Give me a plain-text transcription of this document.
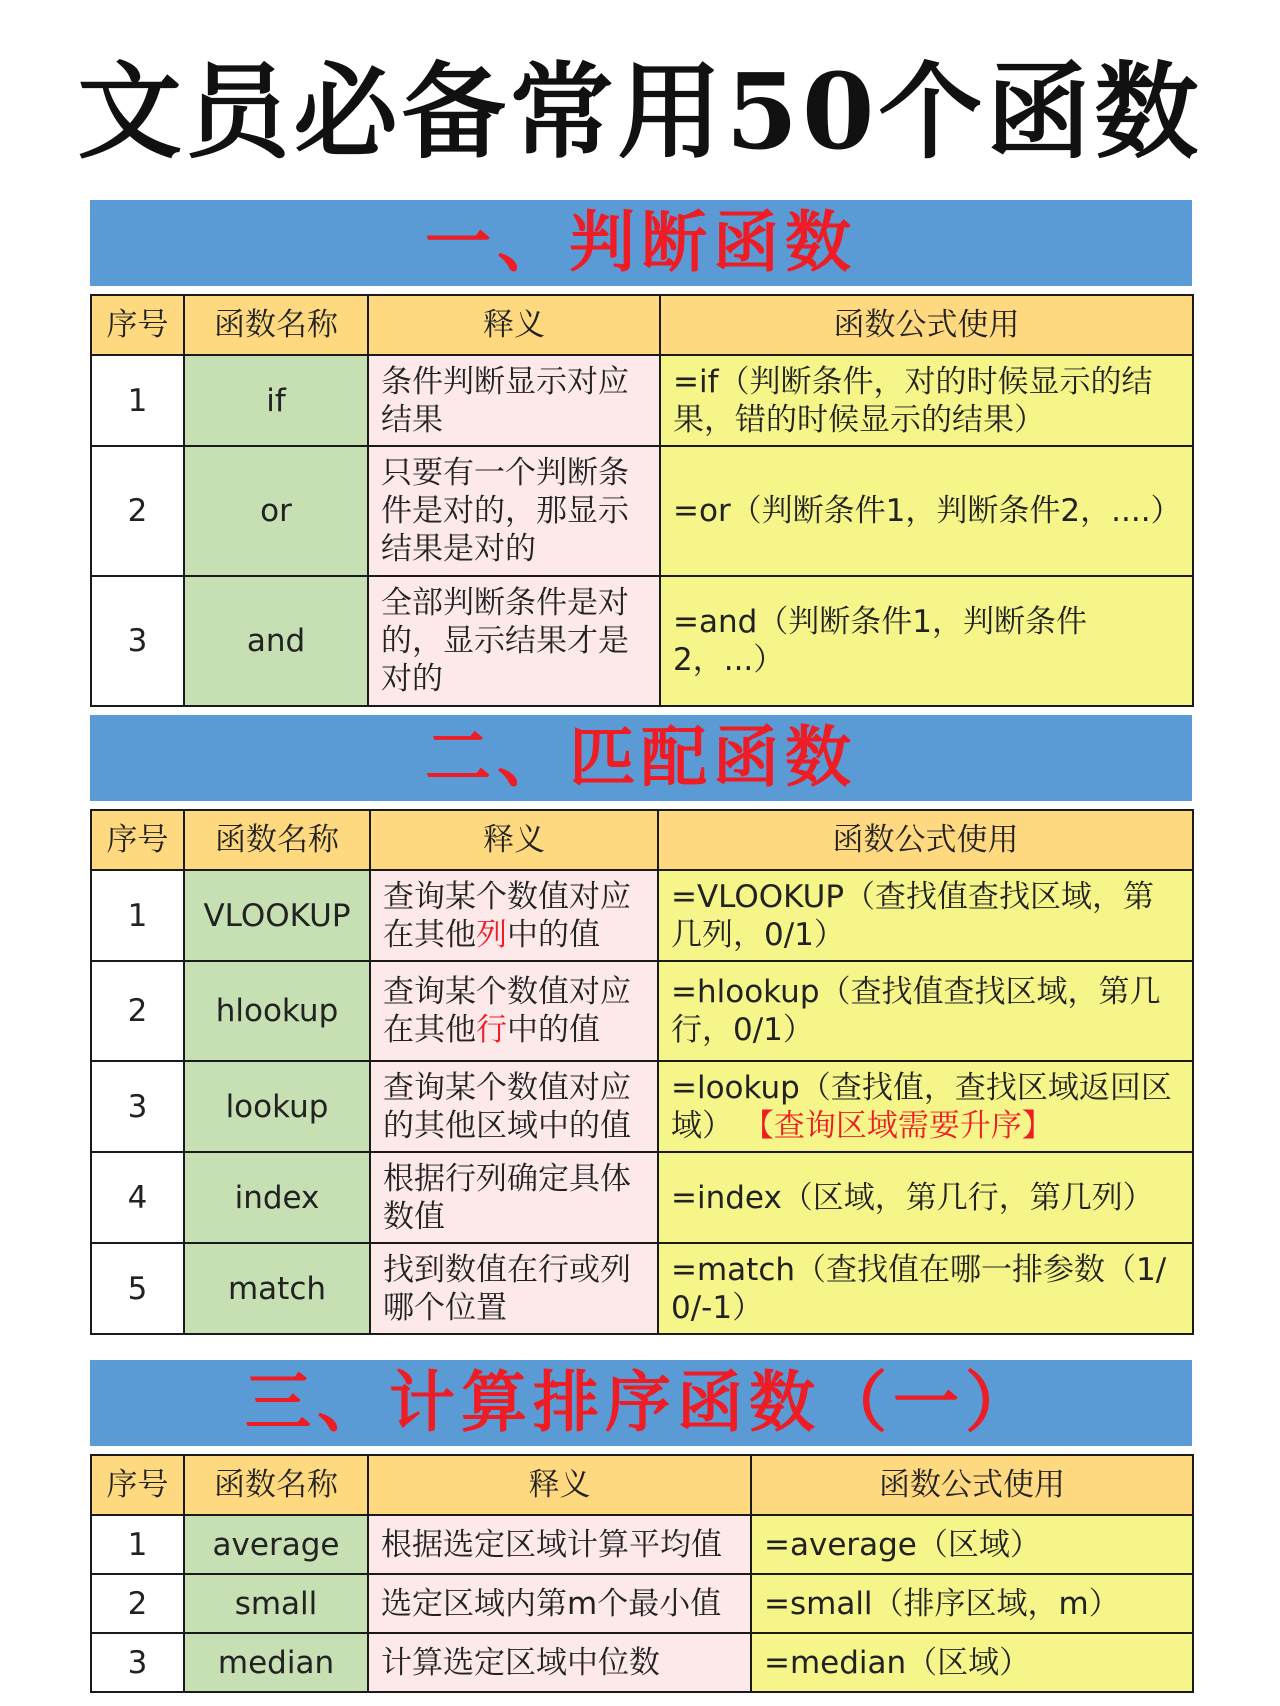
文员必备常用50个函数
一、判断函数
序号	函数名称	释义	函数公式使用
1	if	条件判断显示对应结果	=if（判断条件，对的时候显示的结果，错的时候显示的结果）
2	or	只要有一个判断条件是对的，那显示结果是对的	=or（判断条件1，判断条件2，....）
3	and	全部判断条件是对的，显示结果才是对的	=and（判断条件1，判断条件2，...）
二、匹配函数
序号	函数名称	释义	函数公式使用
1	VLOOKUP	查询某个数值对应在其他列中的值	=VLOOKUP（查找值查找区域，第几列，0/1）
2	hlookup	查询某个数值对应在其他行中的值	=hlookup（查找值查找区域，第几行，0/1）
3	lookup	查询某个数值对应的其他区域中的值	=lookup（查找值，查找区域返回区域） 【查询区域需要升序】
4	index	根据行列确定具体数值	=index（区域，第几行，第几列）
5	match	找到数值在行或列哪个位置	=match（查找值在哪一排参数（1/0/-1）
三、计算排序函数（一）
序号	函数名称	释义	函数公式使用
1	average	根据选定区域计算平均值	=average（区域）
2	small	选定区域内第m个最小值	=small（排序区域，m）
3	median	计算选定区域中位数	=median（区域）
